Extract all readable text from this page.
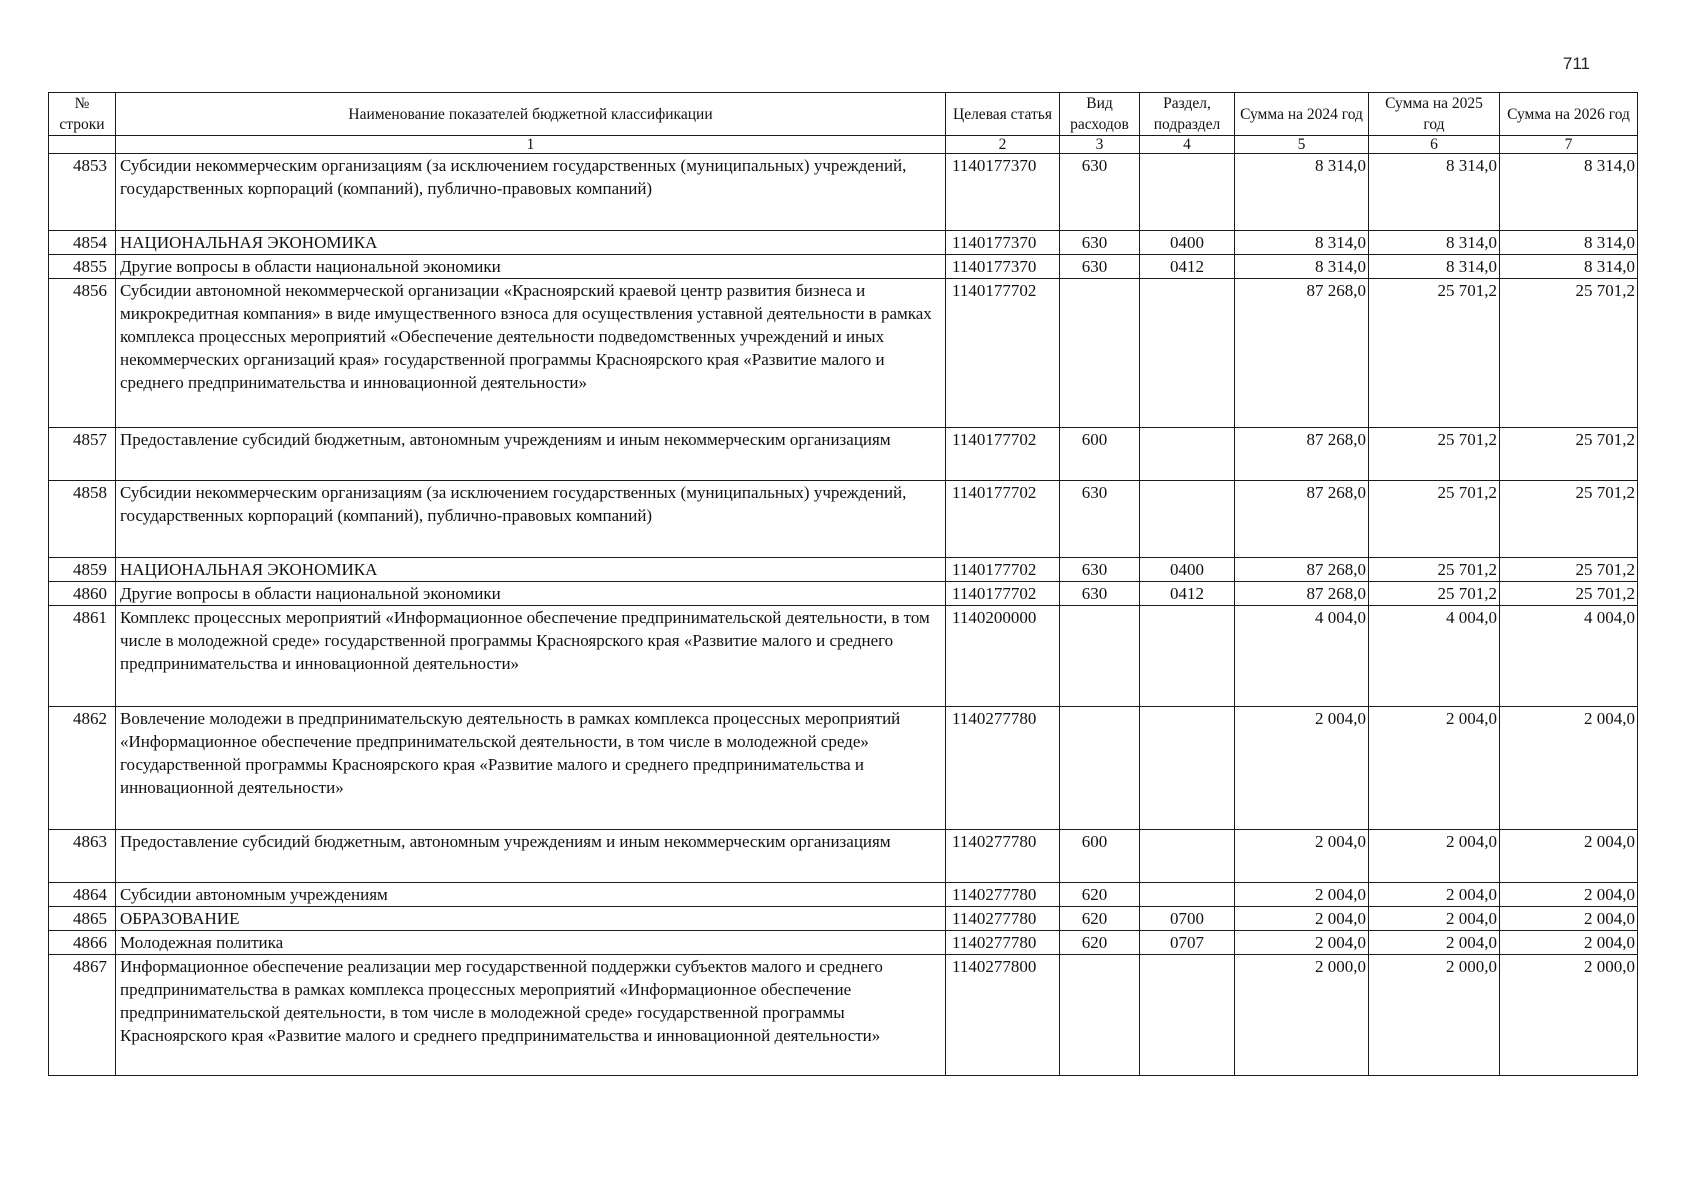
711
№ строки	Наименование показателей бюджетной классификации	Целевая статья	Вид расходов	Раздел, подраздел	Сумма на 2024 год	Сумма на 2025 год	Сумма на 2026 год
	1	2	3	4	5	6	7
4853	Субсидии некоммерческим организациям (за исключением государственных (муниципальных) учреждений, государственных корпораций (компаний), публично-правовых компаний)	1140177370	630		8 314,0	8 314,0	8 314,0
4854	НАЦИОНАЛЬНАЯ ЭКОНОМИКА	1140177370	630	0400	8 314,0	8 314,0	8 314,0
4855	Другие вопросы в области национальной экономики	1140177370	630	0412	8 314,0	8 314,0	8 314,0
4856	Субсидии автономной некоммерческой организации «Красноярский краевой центр развития бизнеса и микрокредитная компания» в виде имущественного взноса для осуществления уставной деятельности в рамках комплекса процессных мероприятий «Обеспечение деятельности подведомственных учреждений и иных некоммерческих организаций края» государственной программы Красноярского края «Развитие малого и среднего предпринимательства и инновационной деятельности»	1140177702			87 268,0	25 701,2	25 701,2
4857	Предоставление субсидий бюджетным, автономным учреждениям и иным некоммерческим организациям	1140177702	600		87 268,0	25 701,2	25 701,2
4858	Субсидии некоммерческим организациям (за исключением государственных (муниципальных) учреждений, государственных корпораций (компаний), публично-правовых компаний)	1140177702	630		87 268,0	25 701,2	25 701,2
4859	НАЦИОНАЛЬНАЯ ЭКОНОМИКА	1140177702	630	0400	87 268,0	25 701,2	25 701,2
4860	Другие вопросы в области национальной экономики	1140177702	630	0412	87 268,0	25 701,2	25 701,2
4861	Комплекс процессных мероприятий «Информационное обеспечение предпринимательской деятельности, в том числе в молодежной среде» государственной программы Красноярского края «Развитие малого и среднего предпринимательства и инновационной деятельности»	1140200000			4 004,0	4 004,0	4 004,0
4862	Вовлечение молодежи в предпринимательскую деятельность в рамках комплекса процессных мероприятий «Информационное обеспечение предпринимательской деятельности, в том числе в молодежной среде» государственной программы Красноярского края «Развитие малого и среднего предпринимательства и инновационной деятельности»	1140277780			2 004,0	2 004,0	2 004,0
4863	Предоставление субсидий бюджетным, автономным учреждениям и иным некоммерческим организациям	1140277780	600		2 004,0	2 004,0	2 004,0
4864	Субсидии автономным учреждениям	1140277780	620		2 004,0	2 004,0	2 004,0
4865	ОБРАЗОВАНИЕ	1140277780	620	0700	2 004,0	2 004,0	2 004,0
4866	Молодежная политика	1140277780	620	0707	2 004,0	2 004,0	2 004,0
4867	Информационное обеспечение реализации мер государственной поддержки субъектов малого и среднего предпринимательства в рамках комплекса процессных мероприятий «Информационное обеспечение предпринимательской деятельности, в том числе в молодежной среде» государственной программы Красноярского края «Развитие малого и среднего предпринимательства и инновационной деятельности»	1140277800			2 000,0	2 000,0	2 000,0
